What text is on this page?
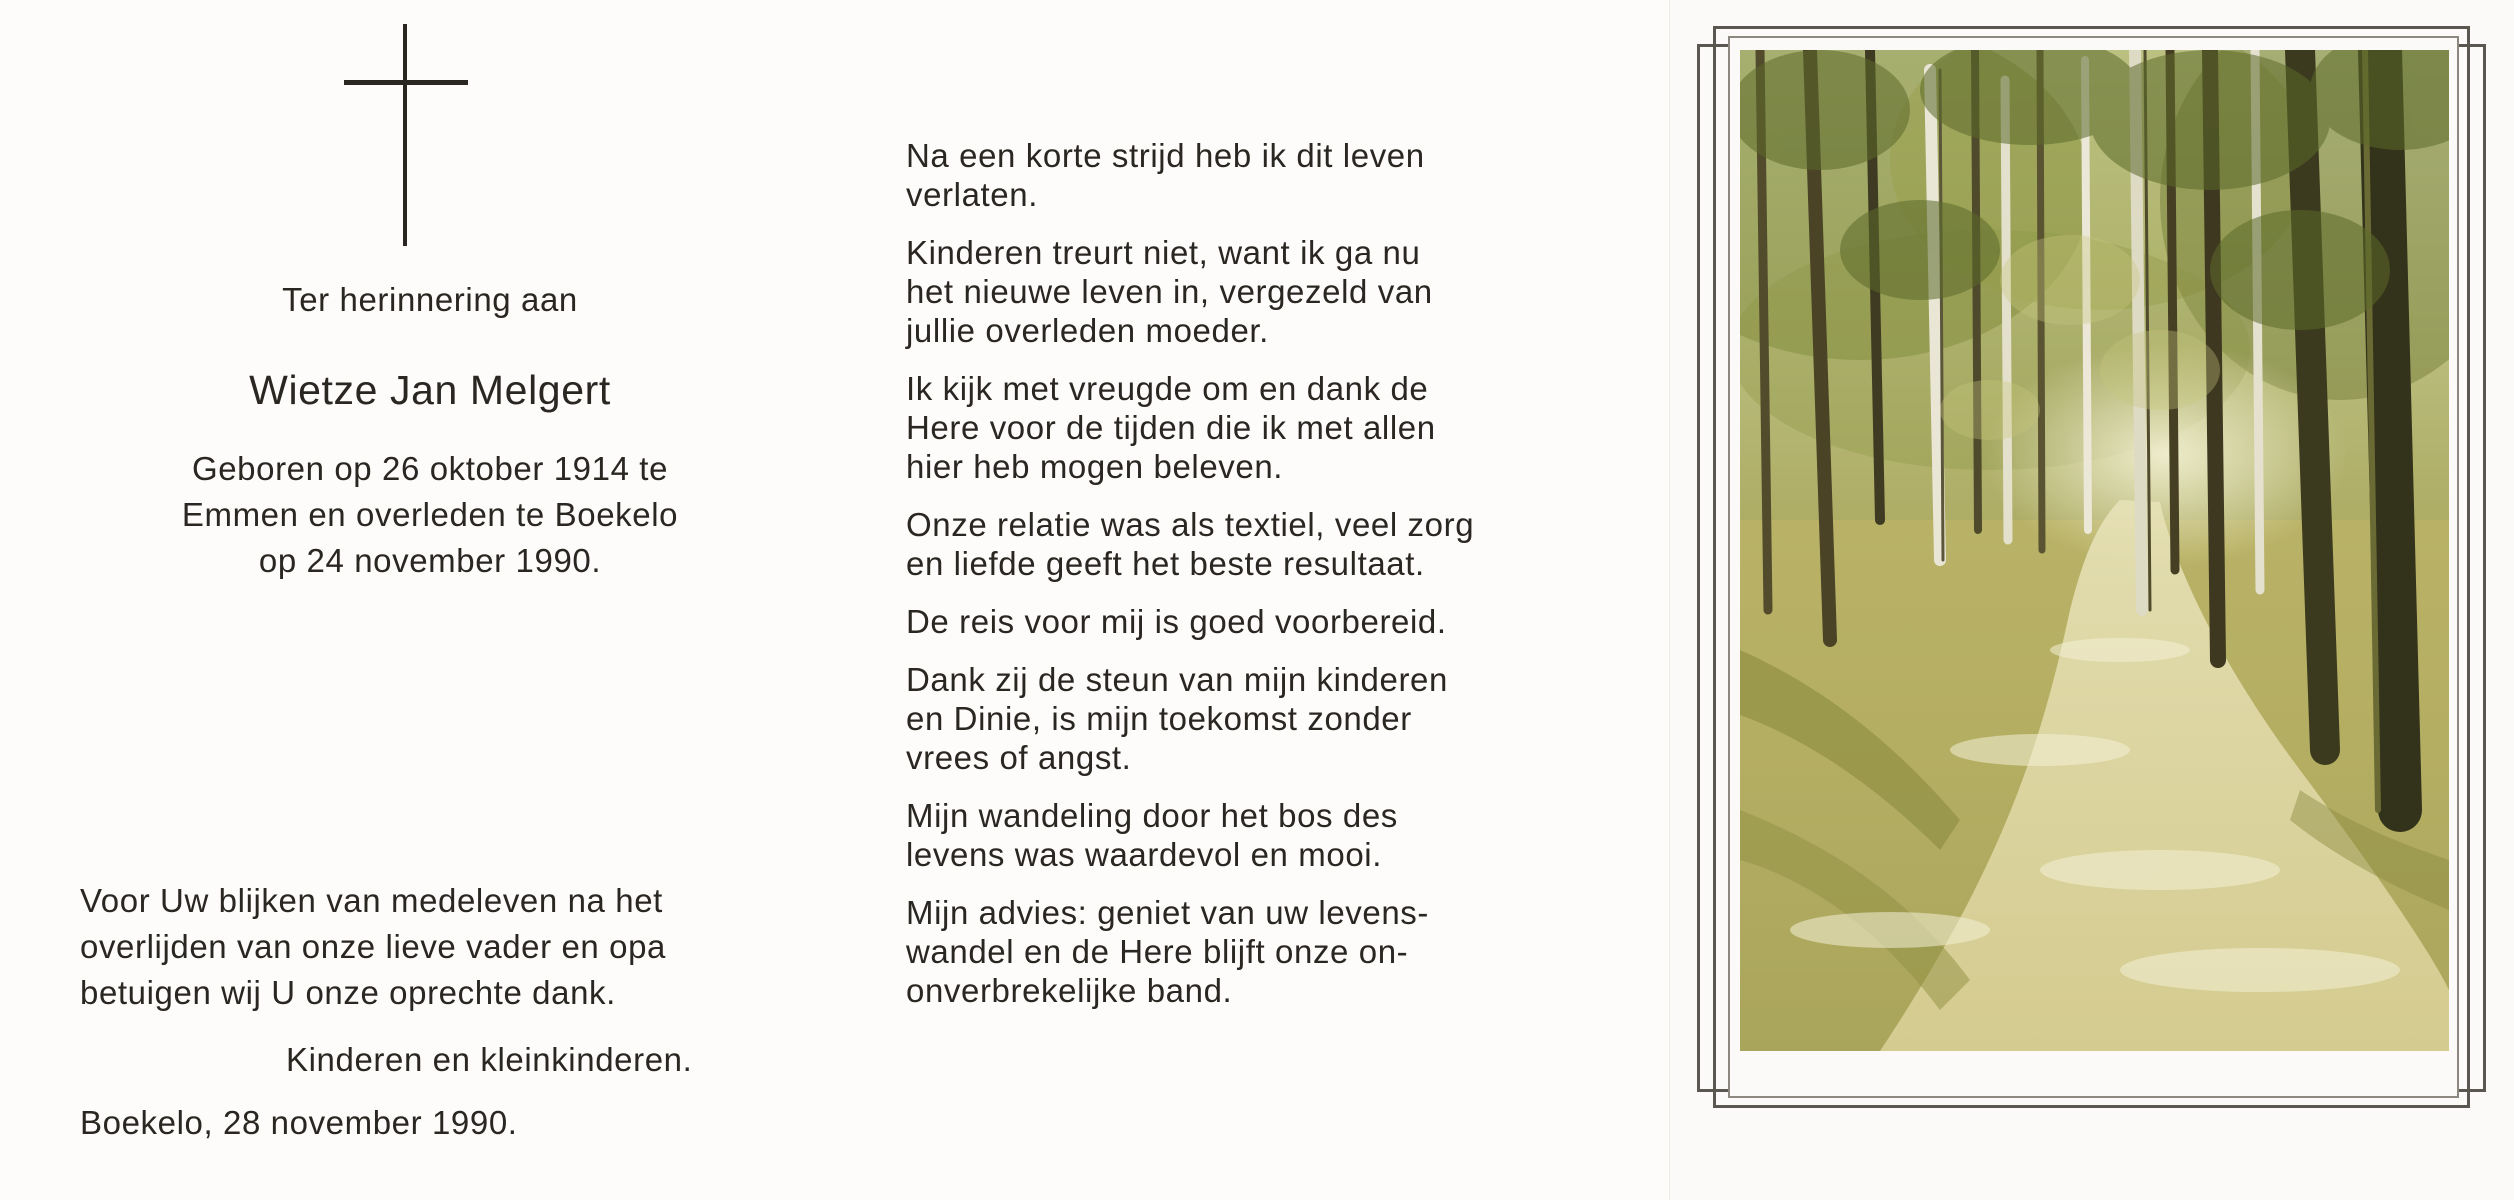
Ter herinnering aan
Wietze Jan Melgert
Geboren op 26 oktober 1914 te
Emmen en overleden te Boekelo
op 24 november 1990.
Voor Uw blijken van medeleven na het
overlijden van onze lieve vader en opa
betuigen wij U onze oprechte dank.
Kinderen en kleinkinderen.
Boekelo, 28 november 1990.
Na een korte strijd heb ik dit leven
verlaten.
Kinderen treurt niet, want ik ga nu
het nieuwe leven in, vergezeld van
jullie overleden moeder.
Ik kijk met vreugde om en dank de
Here voor de tijden die ik met allen
hier heb mogen beleven.
Onze relatie was als textiel, veel zorg
en liefde geeft het beste resultaat.
De reis voor mij is goed voorbereid.
Dank zij de steun van mijn kinderen
en Dinie, is mijn toekomst zonder
vrees of angst.
Mijn wandeling door het bos des
levens was waardevol en mooi.
Mijn advies: geniet van uw levens-
wandel en de Here blijft onze on-
onverbrekelijke band.
